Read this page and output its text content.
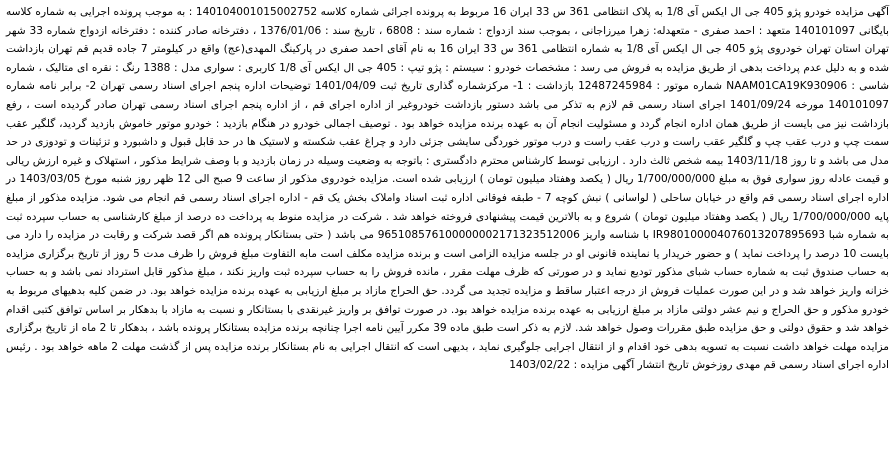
آگهی مزایده خودرو پژو 405 جی ال ایکس آی 1/8 به پلاک انتظامی 361 س 33 ایران 16 مربوط به پرونده اجرائی شماره کلاسه 140104001015002752 : به موجب پرونده اجرایی به شماره کلاسه بایگانی 140101097 متعهد : احمد صفری - متعهدله: زهرا میرزاجانی ، بموجب سند ازدواج : شماره سند : 6808 ، تاریخ سند : 1376/01/06 ، دفترخانه صادر کننده : دفترخانه ازدواج شماره 33 شهر تهران استان تهران خودروی پژو 405 جی ال ایکس آی 1/8 به شماره انتظامی 361 س 33 ایران 16 به نام آقای احمد صفری در پارکینگ المهدی(عج) واقع در کیلومتر 7 جاده قدیم قم تهران بازداشت شده و به دلیل عدم پرداخت بدهی از طریق مزایده به فروش می رسد : مشخصات خودرو : سیستم : پژو تیپ : 405 جی ال ایکس آی 1/8 کاربری : سواری مدل : 1388 رنگ : نقره ای متالیک ، شماره شاسی : NAAM01CA19K930906 شماره موتور : 12487245984 بازداشت : 1- مرکزشماره گذاری تاریخ ثبت 1401/04/09 توضیحات اداره پنجم اجرای اسناد رسمی تهران 2- برابر نامه شماره 140101097 مورخه 1401/09/24 اجرای اسناد رسمی قم لازم به تذکر می باشد دستور بازداشت خودروغیر از اداره اجرای قم ، از اداره پنجم اجرای اسناد رسمی تهران صادر گردیده است ، رفع بازداشت نیز می بایست از طریق همان اداره انجام گردد و مسئولیت انجام آن به عهده برنده مزایده خواهد بود . توصیف اجمالی خودرو در هنگام بازدید : خودرو موتور خاموش بازدید گردید، گلگیر عقب سمت چپ و درب عقب چپ و گلگیر عقب راست و درب عقب راست و درب موتور خوردگی سایشی جزئی دارد و چراغ عقب شکسته و لاستیک ها در حد قابل قبول و داشبورد و تزئینات و تودوزی در حد مدل می باشد و تا روز 1403/11/18 بیمه شخص ثالث دارد . ارزیابی توسط کارشناس محترم دادگستری : باتوجه به وضعیت وسیله در زمان بازدید و با وصف شرایط مذکور ، استهلاک و غیره ارزش ریالی و قیمت عادله روز سواری فوق به مبلغ 1/700/000/000 ریال ( یکصد وهفتاد میلیون تومان ) ارزیابی شده است. مزایده خودروی مذکور از ساعت 9 صبح الی 12 ظهر روز شنبه مورخ 1403/03/05 در اداره اجرای اسناد رسمی قم واقع در خیابان ساحلی ( لواسانی ) نبش کوچه 7 - طبقه فوقانی اداره ثبت اسناد واملاک بخش یک قم - اداره اجرای اسناد رسمی قم انجام می شود. مزایده مذکور از مبلغ پایه 1/700/000/000 ریال ( یکصد وهفتاد میلیون تومان ) شروع و به بالاترین قیمت پیشنهادی فروخته خواهد شد . شرکت در مزایده منوط به پرداخت ده درصد از مبلغ کارشناسی به حساب سپرده ثبت به شماره شبا IR980100004076013207895693 با شناسه واریز 965108576100000002171323512006 می باشد ( حتی بستانکار پرونده هم اگر قصد شرکت و رقابت در مزایده را دارد می بایست 10 درصد را پرداخت نماید ) و حضور خریدار یا نماینده قانونی او در جلسه مزایده الزامی است و برنده مزایده مکلف است مابه التفاوت مبلغ فروش را ظرف مدت 5 روز از تاریخ برگزاری مزایده به حساب صندوق ثبت به شماره حساب شبای مذکور تودیع نماید و در صورتی که ظرف مهلت مقرر ، مانده فروش را به حساب سپرده ثبت واریز نکند ، مبلغ مذکور قابل استرداد نمی باشد و به حساب خزانه واریز خواهد شد و در این صورت عملیات فروش از درجه اعتبار ساقط و مزایده تجدید می گردد. حق الحراج مازاد بر مبلغ ارزیابی به عهده برنده مزایده خواهد بود. در ضمن کلیه بدهیهای مربوط به خودرو مذکور و حق الحراج و نیم عشر دولتی مازاد بر مبلغ ارزیابی به عهده برنده مزایده خواهد بود. در صورت توافق بر واریز غیرنقدی با بستانکار و نسبت به مازاد با بدهکار بر اساس توافق کتبی اقدام خواهد شد و حقوق دولتی و حق مزایده طبق مقررات وصول خواهد شد. لازم به ذکر است طبق ماده 39 مکرر آیین نامه اجرا چنانچه برنده مزایده بستانکار پرونده باشد ، بدهکار تا 2 ماه از تاریخ برگزاری مزایده مهلت خواهد داشت نسبت به تسویه بدهی خود اقدام و از انتقال اجرایی جلوگیری نماید ، بدیهی است که انتقال اجرایی به نام بستانکار برنده مزایده پس از گذشت مهلت 2 ماهه خواهد بود . رئیس اداره اجرای اسناد رسمی قم مهدی روزخوش تاریخ انتشار آگهی مزایده : 1403/02/22
